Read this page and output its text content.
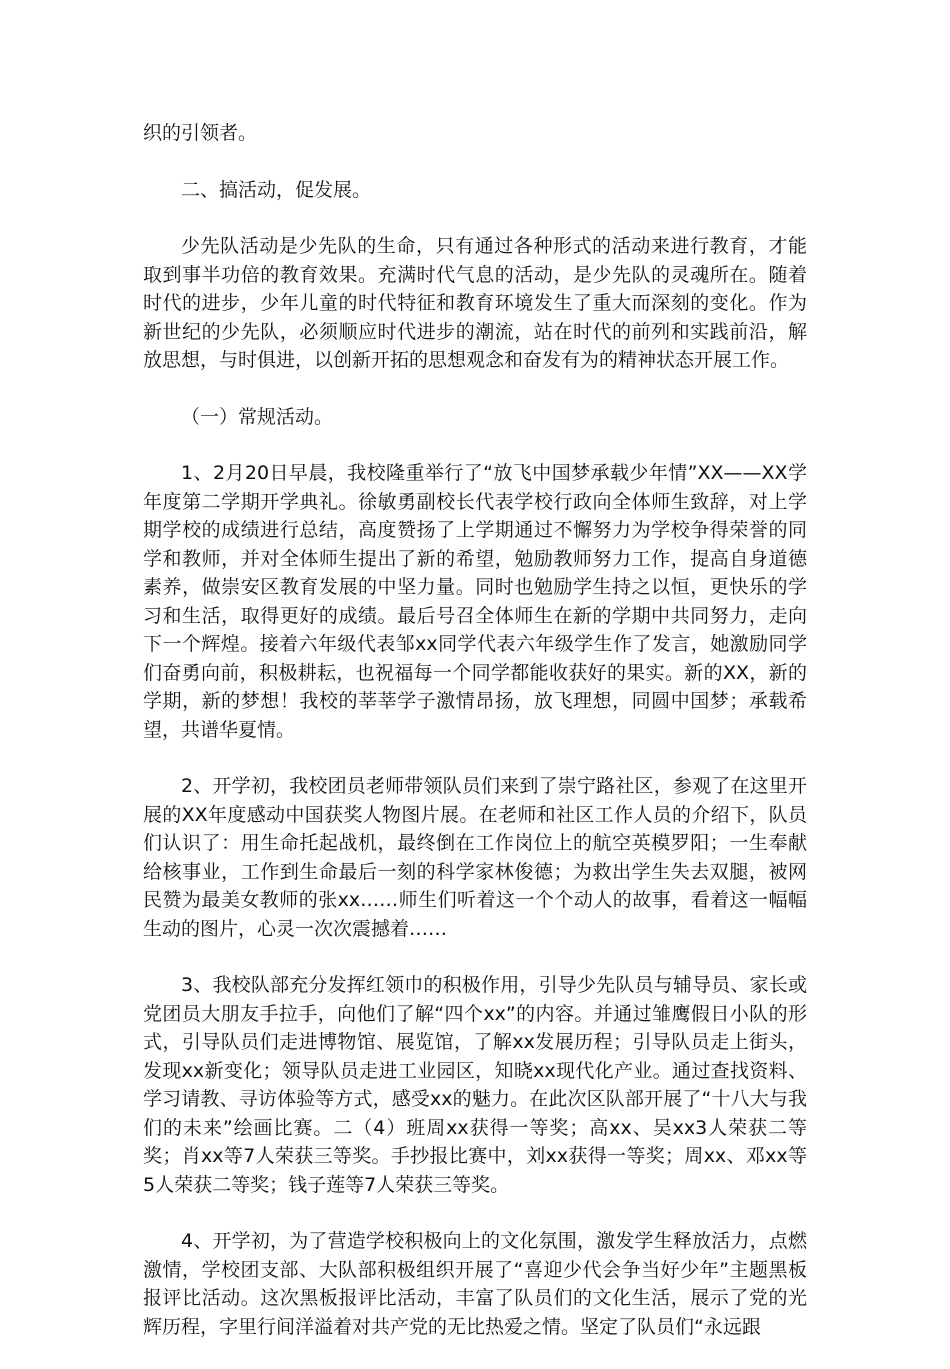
织的引领者。

二、搞活动，促发展。

少先队活动是少先队的生命，只有通过各种形式的活动来进行教育，才能取到事半功倍的教育效果。充满时代气息的活动，是少先队的灵魂所在。随着时代的进步，少年儿童的时代特征和教育环境发生了重大而深刻的变化。作为新世纪的少先队，必须顺应时代进步的潮流，站在时代的前列和实践前沿，解放思想，与时俱进，以创新开拓的思想观念和奋发有为的精神状态开展工作。

（一）常规活动。

1、2月20日早晨，我校隆重举行了“放飞中国梦承载少年情”XX——XX学年度第二学期开学典礼。徐敏勇副校长代表学校行政向全体师生致辞，对上学期学校的成绩进行总结，高度赞扬了上学期通过不懈努力为学校争得荣誉的同学和教师，并对全体师生提出了新的希望，勉励教师努力工作，提高自身道德素养，做崇安区教育发展的中坚力量。同时也勉励学生持之以恒，更快乐的学习和生活，取得更好的成绩。最后号召全体师生在新的学期中共同努力，走向下一个辉煌。接着六年级代表邹xx同学代表六年级学生作了发言，她激励同学们奋勇向前，积极耕耘，也祝福每一个同学都能收获好的果实。新的XX，新的学期，新的梦想！我校的莘莘学子激情昂扬，放飞理想，同圆中国梦；承载希望，共谱华夏情。

2、开学初，我校团员老师带领队员们来到了崇宁路社区，参观了在这里开展的XX年度感动中国获奖人物图片展。在老师和社区工作人员的介绍下，队员们认识了：用生命托起战机，最终倒在工作岗位上的航空英模罗阳；一生奉献给核事业，工作到生命最后一刻的科学家林俊德；为救出学生失去双腿，被网民赞为最美女教师的张xx……师生们听着这一个个动人的故事，看着这一幅幅生动的图片，心灵一次次震撼着……

3、我校队部充分发挥红领巾的积极作用，引导少先队员与辅导员、家长或党团员大朋友手拉手，向他们了解“四个xx”的内容。并通过雏鹰假日小队的形式，引导队员们走进博物馆、展览馆，了解xx发展历程；引导队员走上街头，发现xx新变化；领导队员走进工业园区，知晓xx现代化产业。通过查找资料、学习请教、寻访体验等方式，感受xx的魅力。在此次区队部开展了“十八大与我们的未来”绘画比赛。二（4）班周xx获得一等奖；高xx、吴xx3人荣获二等奖；肖xx等7人荣获三等奖。手抄报比赛中，刘xx获得一等奖；周xx、邓xx等5人荣获二等奖；钱子莲等7人荣获三等奖。

4、开学初，为了营造学校积极向上的文化氛围，激发学生释放活力，点燃激情，学校团支部、大队部积极组织开展了“喜迎少代会争当好少年”主题黑板报评比活动。这次黑板报评比活动，丰富了队员们的文化生活，展示了党的光辉历程，字里行间洋溢着对共产党的无比热爱之情。坚定了队员们“永远跟
